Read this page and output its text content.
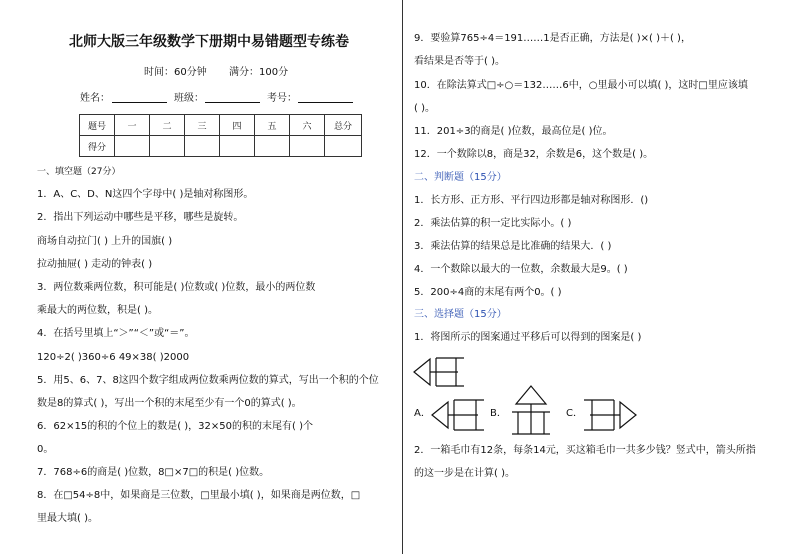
北师大版三年级数学下册期中易错题型专练卷
时间：60分钟 满分：100分
姓名：	班级：	考号：
题号	一	二	三	四	五	六	总分
得分							
一、填空题（27分）
1．A、C、D、N这四个字母中( )是轴对称图形。
2．指出下列运动中哪些是平移，哪些是旋转。
商场自动拉门( ) 上升的国旗( )
拉动抽屉( ) 走动的钟表( )
3．两位数乘两位数，积可能是( )位数或( )位数，最小的两位数
乘最大的两位数，积是( )。
4．在括号里填上“＞”“＜”或“＝”。
120÷2( )360÷6 49×38( )2000
5．用5、6、7、8这四个数字组成两位数乘两位数的算式，写出一个积的个位
数是8的算式( )，写出一个积的末尾至少有一个0的算式( )。
6．62×15的积的个位上的数是( )，32×50的积的末尾有( )个
0。
7．768÷6的商是( )位数，8□×7□的积是( )位数。
8．在□54÷8中，如果商是三位数，□里最小填( )，如果商是两位数，□
里最大填( )。
9．要验算765÷4＝191……1是否正确，方法是( )×( )＋( )，
看结果是否等于( )。
10．在除法算式□÷○＝132……6中，○里最小可以填( )，这时□里应该填
( )。
11．201÷3的商是( )位数，最高位是( )位。
12．一个数除以8，商是32，余数是6，这个数是( )。
二、判断题（15分）
1．长方形、正方形、平行四边形都是轴对称图形．()
2．乘法估算的积一定比实际小。( )
3．乘法估算的结果总是比准确的结果大．( )
4．一个数除以最大的一位数，余数最大是9。( )
5．200÷4商的末尾有两个0。( )
三、选择题（15分）
1．将图所示的图案通过平移后可以得到的图案是( )
A．	B．	C．
2．一箱毛巾有12条，每条14元，买这箱毛巾一共多少钱？竖式中，箭头所指
的这一步是在计算( )。
